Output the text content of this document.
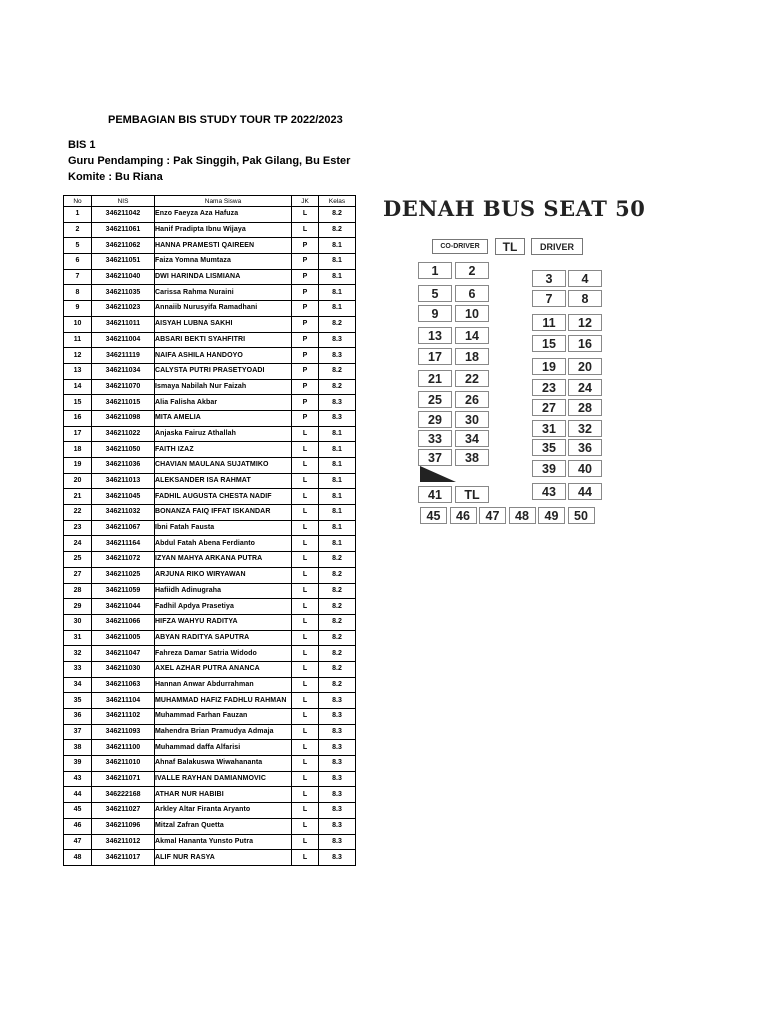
PEMBAGIAN BIS STUDY TOUR TP 2022/2023
BIS 1
Guru Pendamping : Pak Singgih, Pak Gilang, Bu Ester
Komite : Bu Riana
No	NIS	Nama Siswa	JK	Kelas
1	346211042	Enzo Faeyza Aza Hafuza	L	8.2
2	346211061	Hanif Pradipta Ibnu Wijaya	L	8.2
5	346211062	HANNA PRAMESTI QAIREEN	P	8.1
6	346211051	Faiza Yomna Mumtaza	P	8.1
7	346211040	DWI HARINDA LISMIANA	P	8.1
8	346211035	Carissa Rahma Nuraini	P	8.1
9	346211023	Annaiib Nurusyifa Ramadhani	P	8.1
10	346211011	AISYAH LUBNA SAKHI	P	8.2
11	346211004	ABSARI BEKTI SYAHFITRI	P	8.3
12	346211119	NAIFA ASHILA HANDOYO	P	8.3
13	346211034	CALYSTA PUTRI PRASETYOADI	P	8.2
14	346211070	Ismaya Nabilah Nur Faizah	P	8.2
15	346211015	Alia Falisha Akbar	P	8.3
16	346211098	MITA AMELIA	P	8.3
17	346211022	Anjaska Fairuz Athallah	L	8.1
18	346211050	FAITH IZAZ	L	8.1
19	346211036	CHAVIAN MAULANA SUJATMIKO	L	8.1
20	346211013	ALEKSANDER ISA RAHMAT	L	8.1
21	346211045	FADHIL AUGUSTA CHESTA NADIF	L	8.1
22	346211032	BONANZA FAIQ IFFAT ISKANDAR	L	8.1
23	346211067	Ibni Fatah Fausta	L	8.1
24	346211164	Abdul Fatah Abena Ferdianto	L	8.1
25	346211072	IZYAN MAHYA ARKANA PUTRA	L	8.2
27	346211025	ARJUNA RIKO WIRYAWAN	L	8.2
28	346211059	Hafiidh Adinugraha	L	8.2
29	346211044	Fadhil Apdya Prasetiya	L	8.2
30	346211066	HIFZA WAHYU RADITYA	L	8.2
31	346211005	ABYAN RADITYA SAPUTRA	L	8.2
32	346211047	Fahreza Damar Satria Widodo	L	8.2
33	346211030	AXEL AZHAR PUTRA ANANCA	L	8.2
34	346211063	Hannan Anwar Abdurrahman	L	8.2
35	346211104	MUHAMMAD HAFIZ FADHLU RAHMAN	L	8.3
36	346211102	Muhammad Farhan Fauzan	L	8.3
37	346211093	Mahendra Brian Pramudya Admaja	L	8.3
38	346211100	Muhammad daffa Alfarisi	L	8.3
39	346211010	Ahnaf Balakuswa Wiwahananta	L	8.3
43	346211071	IVALLE RAYHAN DAMIANMOVIC	L	8.3
44	346222168	ATHAR NUR HABIBI	L	8.3
45	346211027	Arkley Altar Firanta Aryanto	L	8.3
46	346211096	Mitzal Zafran Quetta	L	8.3
47	346211012	Akmal Hananta Yunsto Putra	L	8.3
48	346211017	ALIF NUR RASYA	L	8.3
DENAH BUS SEAT 50
CO-DRIVER	TL	DRIVER
1	2
5	6
9	10
13	14
17	18
21	22
25	26
29	30
33	34
37	38
3	4
7	8
11	12
15	16
19	20
23	24
27	28
31	32
35	36
39	40
43	44
45	46	47	48	49	50
41	TL
